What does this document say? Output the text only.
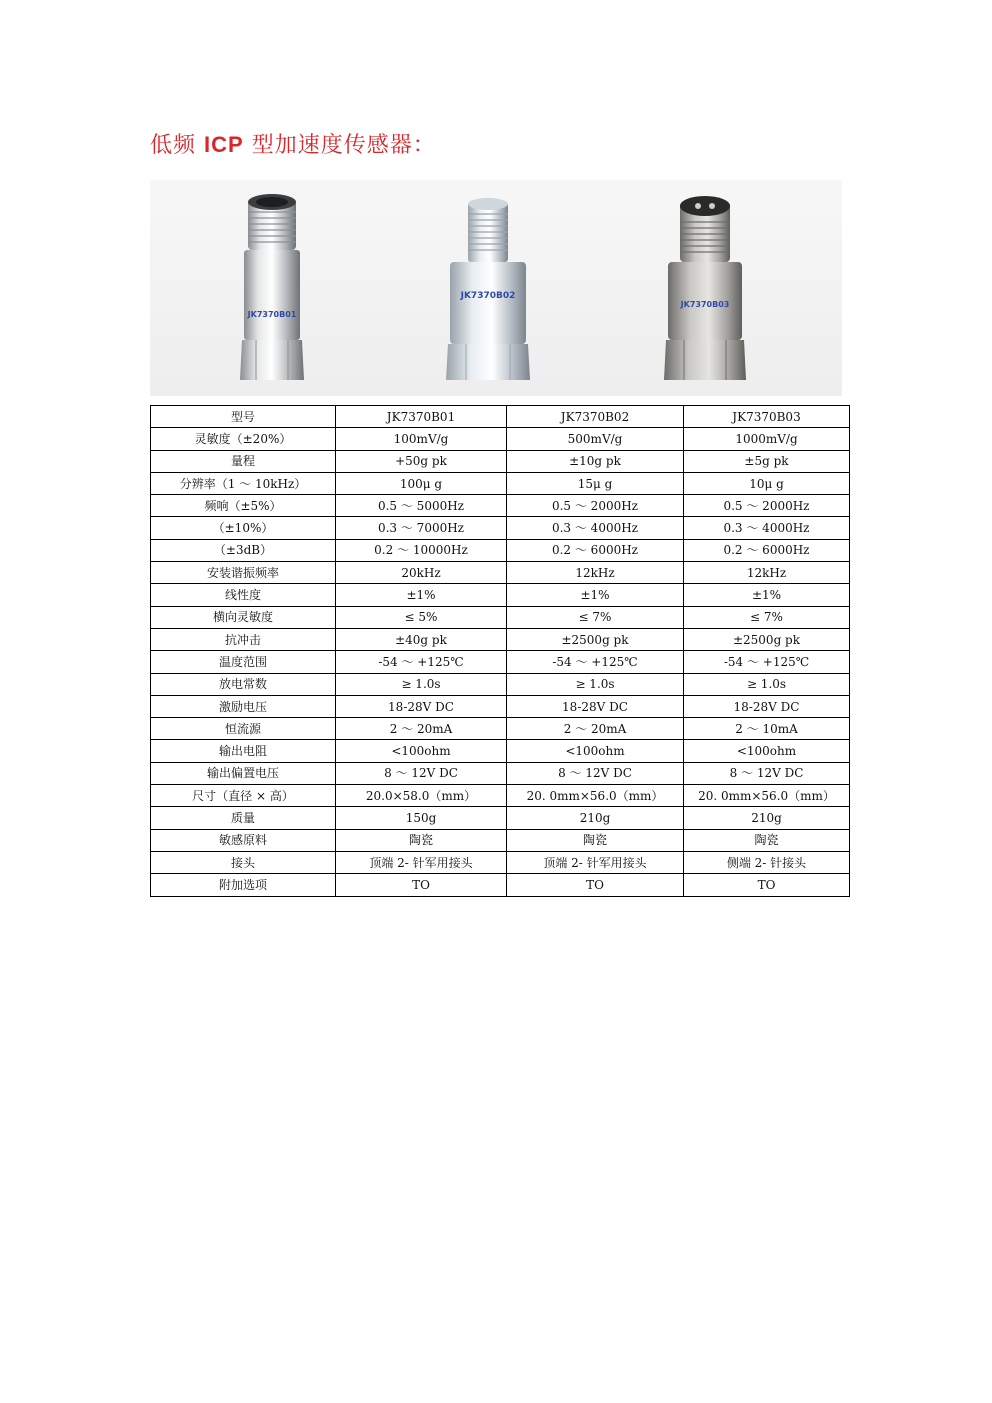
低频 ICP 型加速度传感器：
JK7370B01
JK7370B02
JK7370B03
型号	JK7370B01	JK7370B02	JK7370B03
灵敏度（±20%）	100mV/g	500mV/g	1000mV/g
量程	+50g pk	±10g pk	±5g pk
分辨率（1 ～ 10kHz）	100μ g	15μ g	10μ g
频响（±5%）	0.5 ～ 5000Hz	0.5 ～ 2000Hz	0.5 ～ 2000Hz
（±10%）	0.3 ～ 7000Hz	0.3 ～ 4000Hz	0.3 ～ 4000Hz
（±3dB）	0.2 ～ 10000Hz	0.2 ～ 6000Hz	0.2 ～ 6000Hz
安装谐振频率	20kHz	12kHz	12kHz
线性度	±1%	±1%	±1%
横向灵敏度	≤ 5%	≤ 7%	≤ 7%
抗冲击	±40g pk	±2500g pk	±2500g pk
温度范围	-54 ～ +125℃	-54 ～ +125℃	-54 ～ +125℃
放电常数	≥ 1.0s	≥ 1.0s	≥ 1.0s
激励电压	18-28V DC	18-28V DC	18-28V DC
恒流源	2 ～ 20mA	2 ～ 20mA	2 ～ 10mA
输出电阻	<100ohm	<100ohm	<100ohm
输出偏置电压	8 ～ 12V DC	8 ～ 12V DC	8 ～ 12V DC
尺寸（直径 × 高）	20.0×58.0（mm）	20. 0mm×56.0（mm）	20. 0mm×56.0（mm）
质量	150g	210g	210g
敏感原料	陶瓷	陶瓷	陶瓷
接头	顶端 2- 针军用接头	顶端 2- 针军用接头	侧端 2- 针接头
附加选项	TO	TO	TO
